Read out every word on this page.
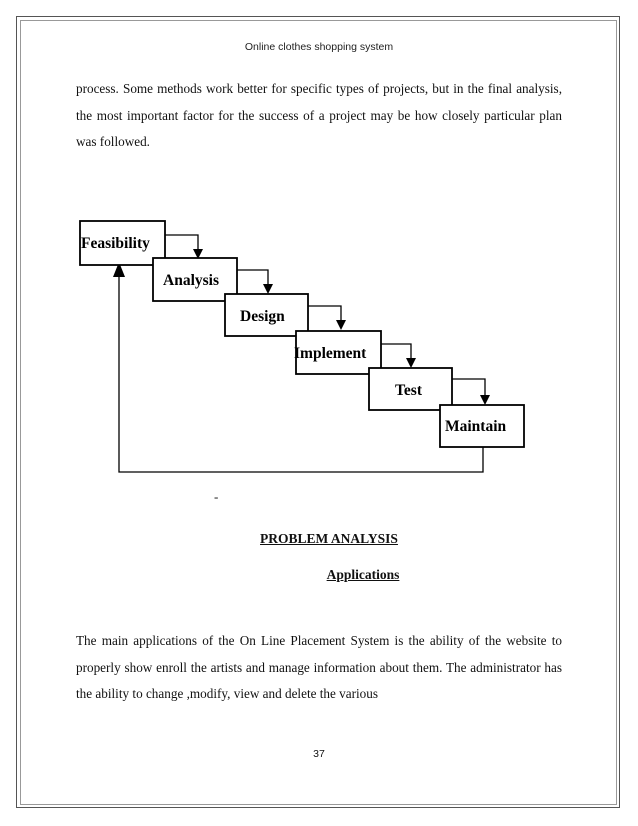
Online clothes shopping system
process. Some methods work better for specific types of projects, but in the final analysis, the most important factor for the success of a project may be how closely particular plan was followed.
Feasibility
Analysis
Design
Implement
Test
Maintain
-
PROBLEM ANALYSIS
Applications
The main applications of the On Line Placement System is the ability of the website to properly show enroll the artists and manage information about them. The administrator has the ability to change ,modify, view and delete the various
37
